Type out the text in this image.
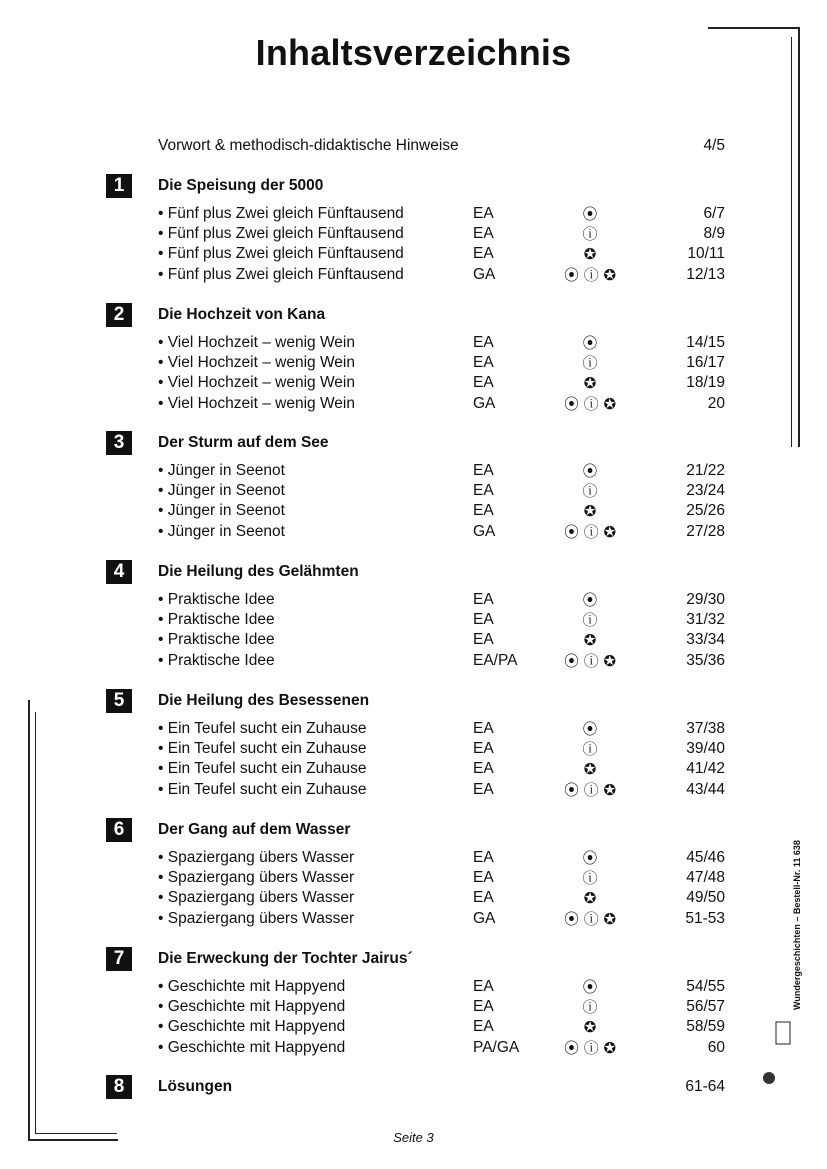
Inhaltsverzeichnis
Vorwort & methodisch-didaktische Hinweise	4/5
1	Die Speisung der 5000
• Fünf plus Zwei gleich Fünftausend	EA	⦿	6/7
• Fünf plus Zwei gleich Fünftausend	EA	ⓘ	8/9
• Fünf plus Zwei gleich Fünftausend	EA	✪	10/11
• Fünf plus Zwei gleich Fünftausend	GA	⦿ ⓘ ✪	12/13
2	Die Hochzeit von Kana
• Viel Hochzeit – wenig Wein	EA	⦿	14/15
• Viel Hochzeit – wenig Wein	EA	ⓘ	16/17
• Viel Hochzeit – wenig Wein	EA	✪	18/19
• Viel Hochzeit – wenig Wein	GA	⦿ ⓘ ✪	20
3	Der Sturm auf dem See
• Jünger in Seenot	EA	⦿	21/22
• Jünger in Seenot	EA	ⓘ	23/24
• Jünger in Seenot	EA	✪	25/26
• Jünger in Seenot	GA	⦿ ⓘ ✪	27/28
4	Die Heilung des Gelähmten
• Praktische Idee	EA	⦿	29/30
• Praktische Idee	EA	ⓘ	31/32
• Praktische Idee	EA	✪	33/34
• Praktische Idee	EA/PA	⦿ ⓘ ✪	35/36
5	Die Heilung des Besessenen
• Ein Teufel sucht ein Zuhause	EA	⦿	37/38
• Ein Teufel sucht ein Zuhause	EA	ⓘ	39/40
• Ein Teufel sucht ein Zuhause	EA	✪	41/42
• Ein Teufel sucht ein Zuhause	EA	⦿ ⓘ ✪	43/44
6	Der Gang auf dem Wasser
• Spaziergang übers Wasser	EA	⦿	45/46
• Spaziergang übers Wasser	EA	ⓘ	47/48
• Spaziergang übers Wasser	EA	✪	49/50
• Spaziergang übers Wasser	GA	⦿ ⓘ ✪	51-53
7	Die Erweckung der Tochter Jairus´
• Geschichte mit Happyend	EA	⦿	54/55
• Geschichte mit Happyend	EA	ⓘ	56/57
• Geschichte mit Happyend	EA	✪	58/59
• Geschichte mit Happyend	PA/GA	⦿ ⓘ ✪	60
8	Lösungen	61-64
Wundergeschichten – Bestell-Nr. 11 638
Seite 3
